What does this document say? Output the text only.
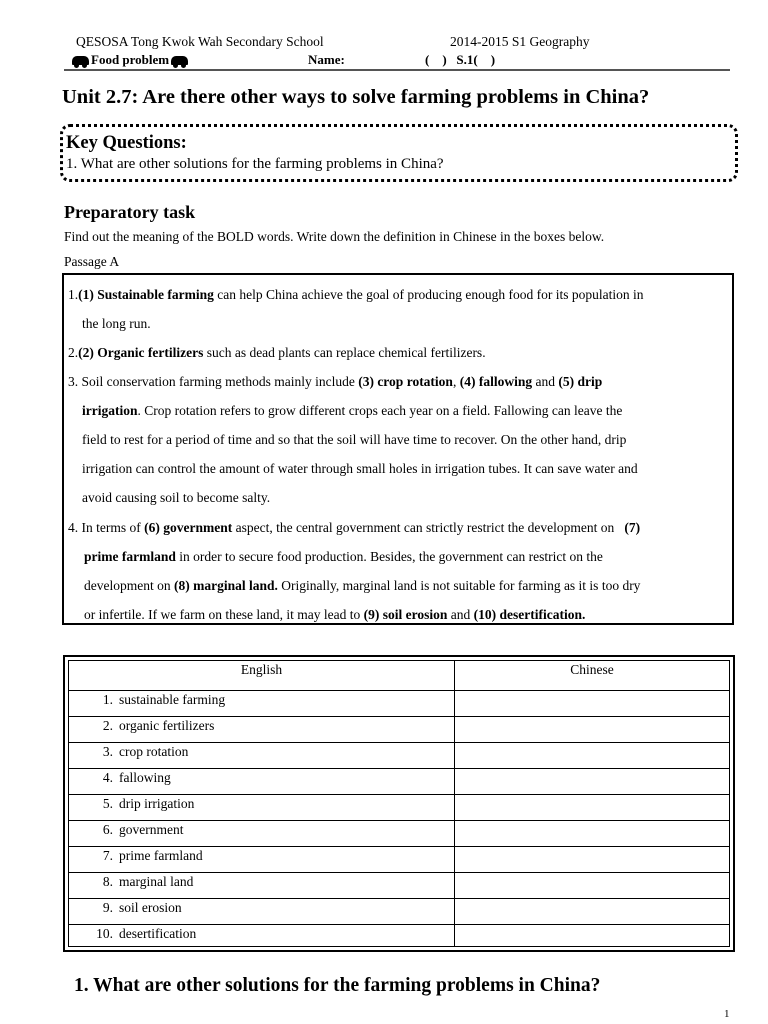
QESOSA Tong Kwok Wah Secondary School	2014-2015 S1 Geography
Food problem	Name:	(    )   S.1(    )
Unit 2.7: Are there other ways to solve farming problems in China?
Key Questions:
1. What are other solutions for the farming problems in China?
Preparatory task
Find out the meaning of the BOLD words. Write down the definition in Chinese in the boxes below.
Passage A
1.(1) Sustainable farming can help China achieve the goal of producing enough food for its population in
the long run.
2.(2) Organic fertilizers such as dead plants can replace chemical fertilizers.
3. Soil conservation farming methods mainly include (3) crop rotation, (4) fallowing and (5) drip
irrigation. Crop rotation refers to grow different crops each year on a field. Fallowing can leave the
field to rest for a period of time and so that the soil will have time to recover. On the other hand, drip
irrigation can control the amount of water through small holes in irrigation tubes. It can save water and
avoid causing soil to become salty.
4. In terms of (6) government aspect, the central government can strictly restrict the development on   (7)
prime farmland in order to secure food production. Besides, the government can restrict on the
development on (8) marginal land. Originally, marginal land is not suitable for farming as it is too dry
or infertile. If we farm on these land, it may lead to (9) soil erosion and (10) desertification.
English	Chinese
1. sustainable farming
2. organic fertilizers
3. crop rotation
4. fallowing
5. drip irrigation
6. government
7. prime farmland
8. marginal land
9. soil erosion
10. desertification
1. What are other solutions for the farming problems in China?
1
